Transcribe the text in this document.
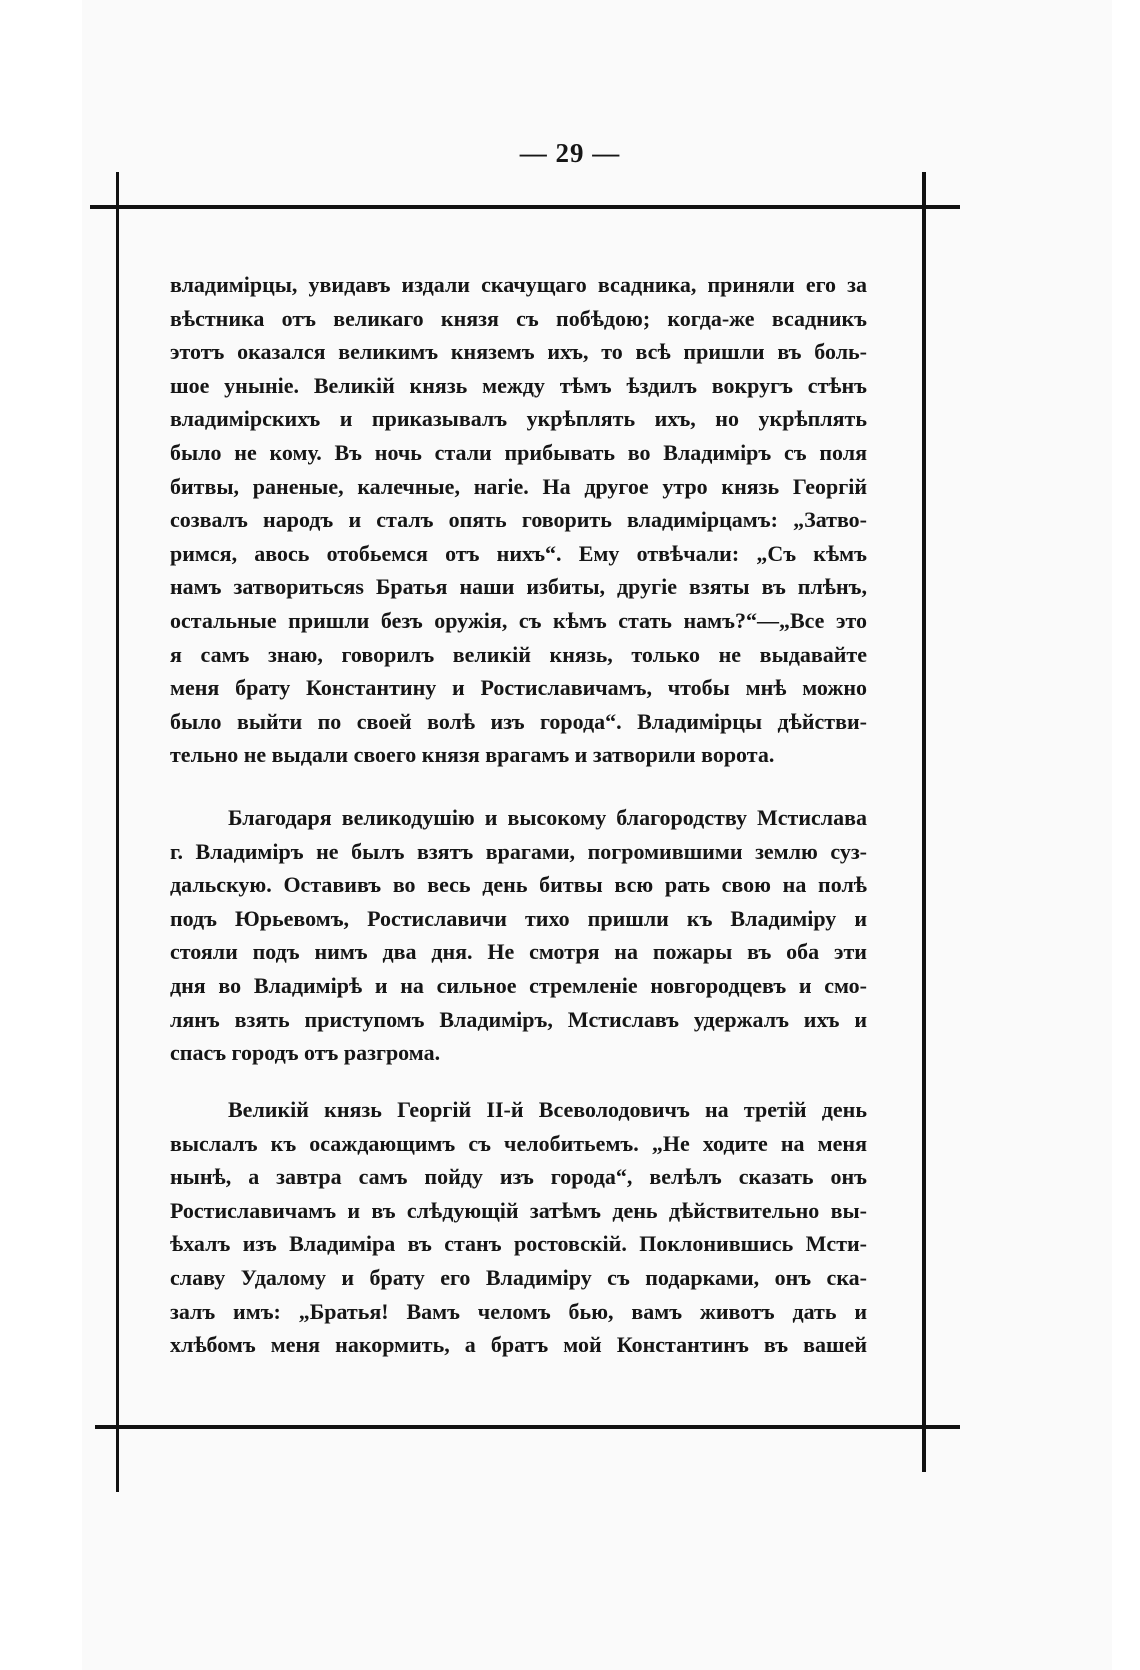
— 29 —
владимірцы, увидавъ издали скачущаго всадника, приняли его за
вѣстника отъ великаго князя съ побѣдою; когда-же всадникъ
этотъ оказался великимъ княземъ ихъ, то всѣ пришли въ боль-
шое уныніе. Великій князь между тѣмъ ѣздилъ вокругъ стѣнъ
владимірскихъ и приказывалъ укрѣплять ихъ, но укрѣплять
было не кому. Въ ночь стали прибывать во Владиміръ съ поля
битвы, раненые, калечные, нагіе. На другое утро князь Георгій
созвалъ народъ и сталъ опять говорить владимірцамъ: „Затво-
римся, авось отобьемся отъ нихъ“. Ему отвѣчали: „Съ кѣмъ
намъ затворитьсяѕ Братья наши избиты, другіе взяты въ плѣнъ,
остальные пришли безъ оружія, съ кѣмъ стать намъ?“—„Все это
я самъ знаю, говорилъ великій князь, только не выдавайте
меня брату Константину и Ростиславичамъ, чтобы мнѣ можно
было выйти по своей волѣ изъ города“. Владимірцы дѣйстви-
тельно не выдали своего князя врагамъ и затворили ворота.
Благодаря великодушію и высокому благородству Мстислава
г. Владиміръ не былъ взятъ врагами, погромившими землю суз-
дальскую. Оставивъ во весь день битвы всю рать свою на полѣ
подъ Юрьевомъ, Ростиславичи тихо пришли къ Владиміру и
стояли подъ нимъ два дня. Не смотря на пожары въ оба эти
дня во Владимірѣ и на сильное стремленіе новгородцевъ и смо-
лянъ взять приступомъ Владиміръ, Мстиславъ удержалъ ихъ и
спасъ городъ отъ разгрома.
Великій князь Георгій II-й Всеволодовичъ на третій день
выслалъ къ осаждающимъ съ челобитьемъ. „Не ходите на меня
нынѣ, а завтра самъ пойду изъ города“, велѣлъ сказать онъ
Ростиславичамъ и въ слѣдующій затѣмъ день дѣйствительно вы-
ѣхалъ изъ Владиміра въ станъ ростовскій. Поклонившись Мсти-
славу Удалому и брату его Владиміру съ подарками, онъ ска-
залъ имъ: „Братья! Вамъ челомъ бью, вамъ животъ дать и
хлѣбомъ меня накормить, а братъ мой Константинъ въ вашей
